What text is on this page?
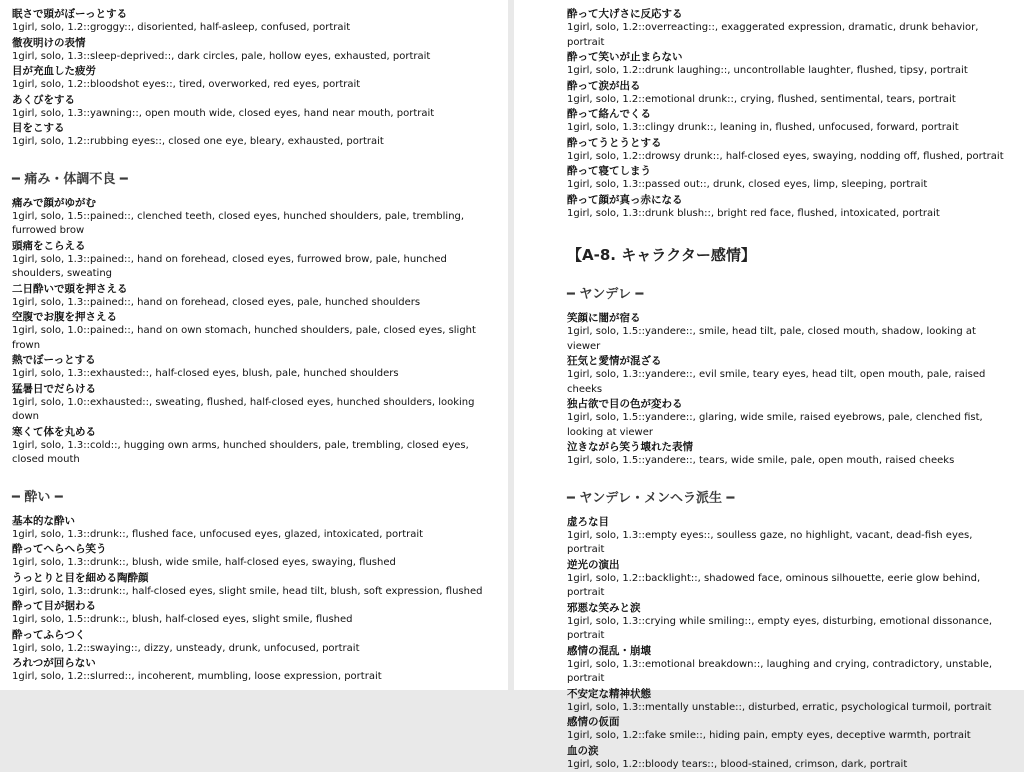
眠さで頭がぼーっとする
1girl, solo, 1.2::groggy::, disoriented, half-asleep, confused, portrait
徹夜明けの表情
1girl, solo, 1.3::sleep-deprived::, dark circles, pale, hollow eyes, exhausted, portrait
目が充血した疲労
1girl, solo, 1.2::bloodshot eyes::, tired, overworked, red eyes, portrait
あくびをする
1girl, solo, 1.3::yawning::, open mouth wide, closed eyes, hand near mouth, portrait
目をこする
1girl, solo, 1.2::rubbing eyes::, closed one eye, bleary, exhausted, portrait
━ 痛み・体調不良 ━
痛みで顔がゆがむ
1girl, solo, 1.5::pained::, clenched teeth, closed eyes, hunched shoulders, pale, trembling, furrowed brow
頭痛をこらえる
1girl, solo, 1.3::pained::, hand on forehead, closed eyes, furrowed brow, pale, hunched shoulders, sweating
二日酔いで頭を押さえる
1girl, solo, 1.3::pained::, hand on forehead, closed eyes, pale, hunched shoulders
空腹でお腹を押さえる
1girl, solo, 1.0::pained::, hand on own stomach, hunched shoulders, pale, closed eyes, slight frown
熱でぼーっとする
1girl, solo, 1.3::exhausted::, half-closed eyes, blush, pale, hunched shoulders
猛暑日でだらける
1girl, solo, 1.0::exhausted::, sweating, flushed, half-closed eyes, hunched shoulders, looking down
寒くて体を丸める
1girl, solo, 1.3::cold::, hugging own arms, hunched shoulders, pale, trembling, closed eyes, closed mouth
━ 酔い ━
基本的な酔い
1girl, solo, 1.3::drunk::, flushed face, unfocused eyes, glazed, intoxicated, portrait
酔ってへらへら笑う
1girl, solo, 1.3::drunk::, blush, wide smile, half-closed eyes, swaying, flushed
うっとりと目を細める陶酔顔
1girl, solo, 1.3::drunk::, half-closed eyes, slight smile, head tilt, blush, soft expression, flushed
酔って目が据わる
1girl, solo, 1.5::drunk::, blush, half-closed eyes, slight smile, flushed
酔ってふらつく
1girl, solo, 1.2::swaying::, dizzy, unsteady, drunk, unfocused, portrait
ろれつが回らない
1girl, solo, 1.2::slurred::, incoherent, mumbling, loose expression, portrait
酔って大げさに反応する
1girl, solo, 1.2::overreacting::, exaggerated expression, dramatic, drunk behavior, portrait
酔って笑いが止まらない
1girl, solo, 1.2::drunk laughing::, uncontrollable laughter, flushed, tipsy, portrait
酔って涙が出る
1girl, solo, 1.2::emotional drunk::, crying, flushed, sentimental, tears, portrait
酔って絡んでくる
1girl, solo, 1.3::clingy drunk::, leaning in, flushed, unfocused, forward, portrait
酔ってうとうとする
1girl, solo, 1.2::drowsy drunk::, half-closed eyes, swaying, nodding off, flushed, portrait
酔って寝てしまう
1girl, solo, 1.3::passed out::, drunk, closed eyes, limp, sleeping, portrait
酔って顔が真っ赤になる
1girl, solo, 1.3::drunk blush::, bright red face, flushed, intoxicated, portrait
【A-8. キャラクター感情】
━ ヤンデレ ━
笑顔に闇が宿る
1girl, solo, 1.5::yandere::, smile, head tilt, pale, closed mouth, shadow, looking at viewer
狂気と愛情が混ざる
1girl, solo, 1.3::yandere::, evil smile, teary eyes, head tilt, open mouth, pale, raised cheeks
独占欲で目の色が変わる
1girl, solo, 1.5::yandere::, glaring, wide smile, raised eyebrows, pale, clenched fist, looking at viewer
泣きながら笑う壊れた表情
1girl, solo, 1.5::yandere::, tears, wide smile, pale, open mouth, raised cheeks
━ ヤンデレ・メンヘラ派生 ━
虚ろな目
1girl, solo, 1.3::empty eyes::, soulless gaze, no highlight, vacant, dead-fish eyes, portrait
逆光の演出
1girl, solo, 1.2::backlight::, shadowed face, ominous silhouette, eerie glow behind, portrait
邪悪な笑みと涙
1girl, solo, 1.3::crying while smiling::, empty eyes, disturbing, emotional dissonance, portrait
感情の混乱・崩壊
1girl, solo, 1.3::emotional breakdown::, laughing and crying, contradictory, unstable, portrait
不安定な精神状態
1girl, solo, 1.3::mentally unstable::, disturbed, erratic, psychological turmoil, portrait
感情の仮面
1girl, solo, 1.2::fake smile::, hiding pain, empty eyes, deceptive warmth, portrait
血の涙
1girl, solo, 1.2::bloody tears::, blood-stained, crimson, dark, portrait
